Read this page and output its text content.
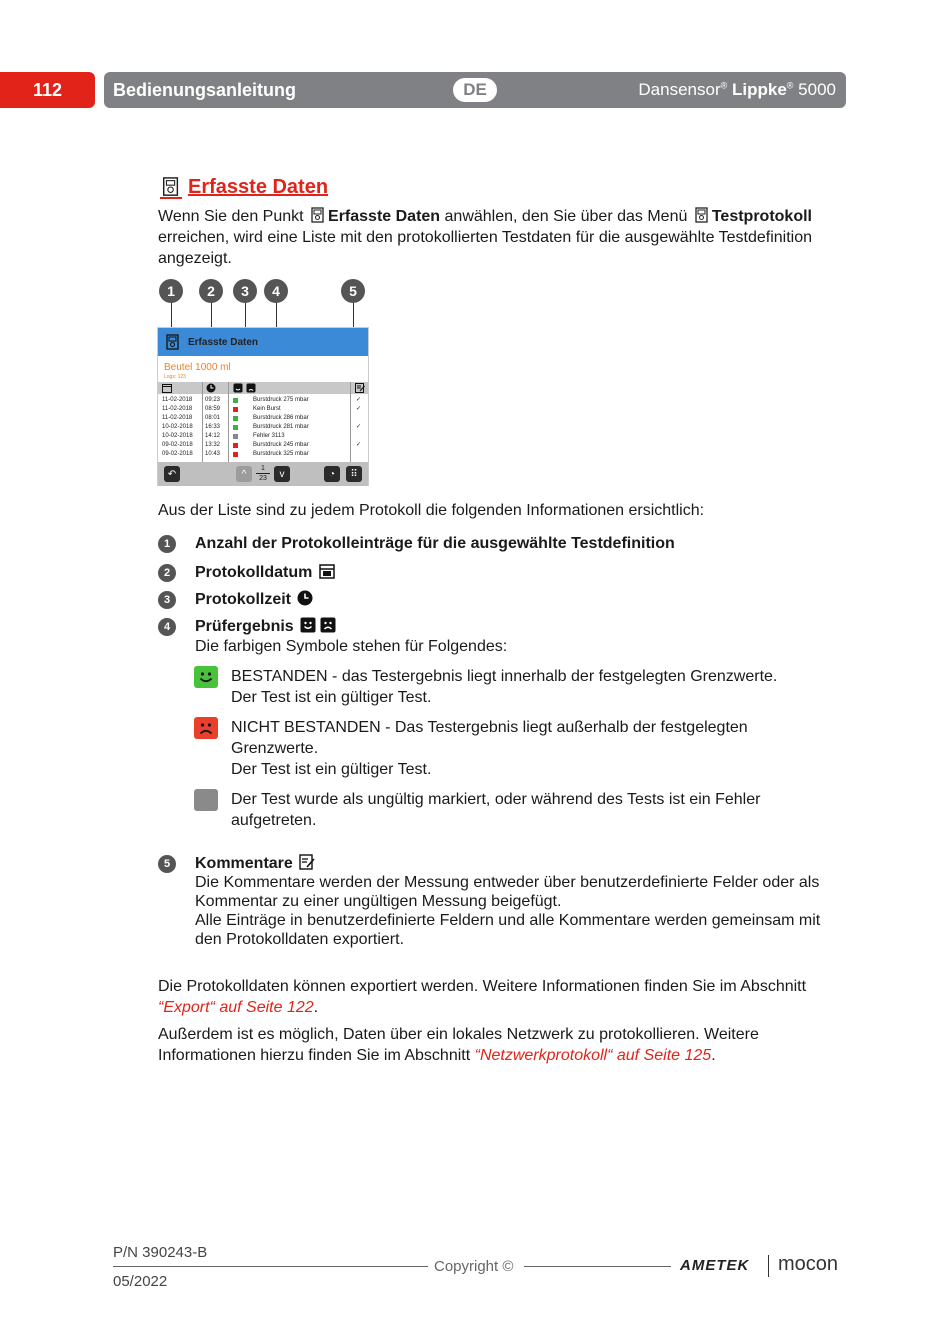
112	Bedienungsanleitung	DE	Dansensor® Lippke® 5000
Erfasste Daten
Wenn Sie den Punkt Erfasste Daten anwählen, den Sie über das Menü Testprotokoll erreichen, wird eine Liste mit den protokollierten Testdaten für die ausgewählte Testdefinition angezeigt.
1	2	3	4	5
Erfasste Daten
Beutel 1000 ml
Logs: 123
11-02-2018 09:23	Burstdruck 275 mbar	✓
11-02-2018 08:59	Kein Burst	✓
11-02-2018 08:01	Burstdruck 286 mbar
10-02-2018 16:33	Burstdruck 281 mbar	✓
10-02-2018 14:12	Fehler 3113
09-02-2018 13:32	Burstdruck 245 mbar	✓
09-02-2018 10:43	Burstdruck 325 mbar
↶	^	1
23	v	◔	⠿
Aus der Liste sind zu jedem Protokoll die folgenden Informationen ersichtlich:
1	Anzahl der Protokolleinträge für die ausgewählte Testdefinition
2	Protokolldatum
3	Protokollzeit
4	Prüfergebnis
Die farbigen Symbole stehen für Folgendes:
BESTANDEN - das Testergebnis liegt innerhalb der festgelegten Grenzwerte.
Der Test ist ein gültiger Test.
NICHT BESTANDEN - Das Testergebnis liegt außerhalb der festgelegten Grenzwerte.
Der Test ist ein gültiger Test.
Der Test wurde als ungültig markiert, oder während des Tests ist ein Fehler aufgetreten.
5	Kommentare
Die Kommentare werden der Messung entweder über benutzerdefinierte Felder oder als Kommentar zu einer ungültigen Messung beigefügt.
Alle Einträge in benutzerdefinierte Feldern und alle Kommentare werden gemeinsam mit den Protokolldaten exportiert.
Die Protokolldaten können exportiert werden. Weitere Informationen finden Sie im Abschnitt “Export“ auf Seite 122.
Außerdem ist es möglich, Daten über ein lokales Netzwerk zu protokollieren. Weitere Informationen hierzu finden Sie im Abschnitt “Netzwerkprotokoll“ auf Seite 125.
P/N 390243-B
05/2022
Copyright ©	AMETEK mocon
